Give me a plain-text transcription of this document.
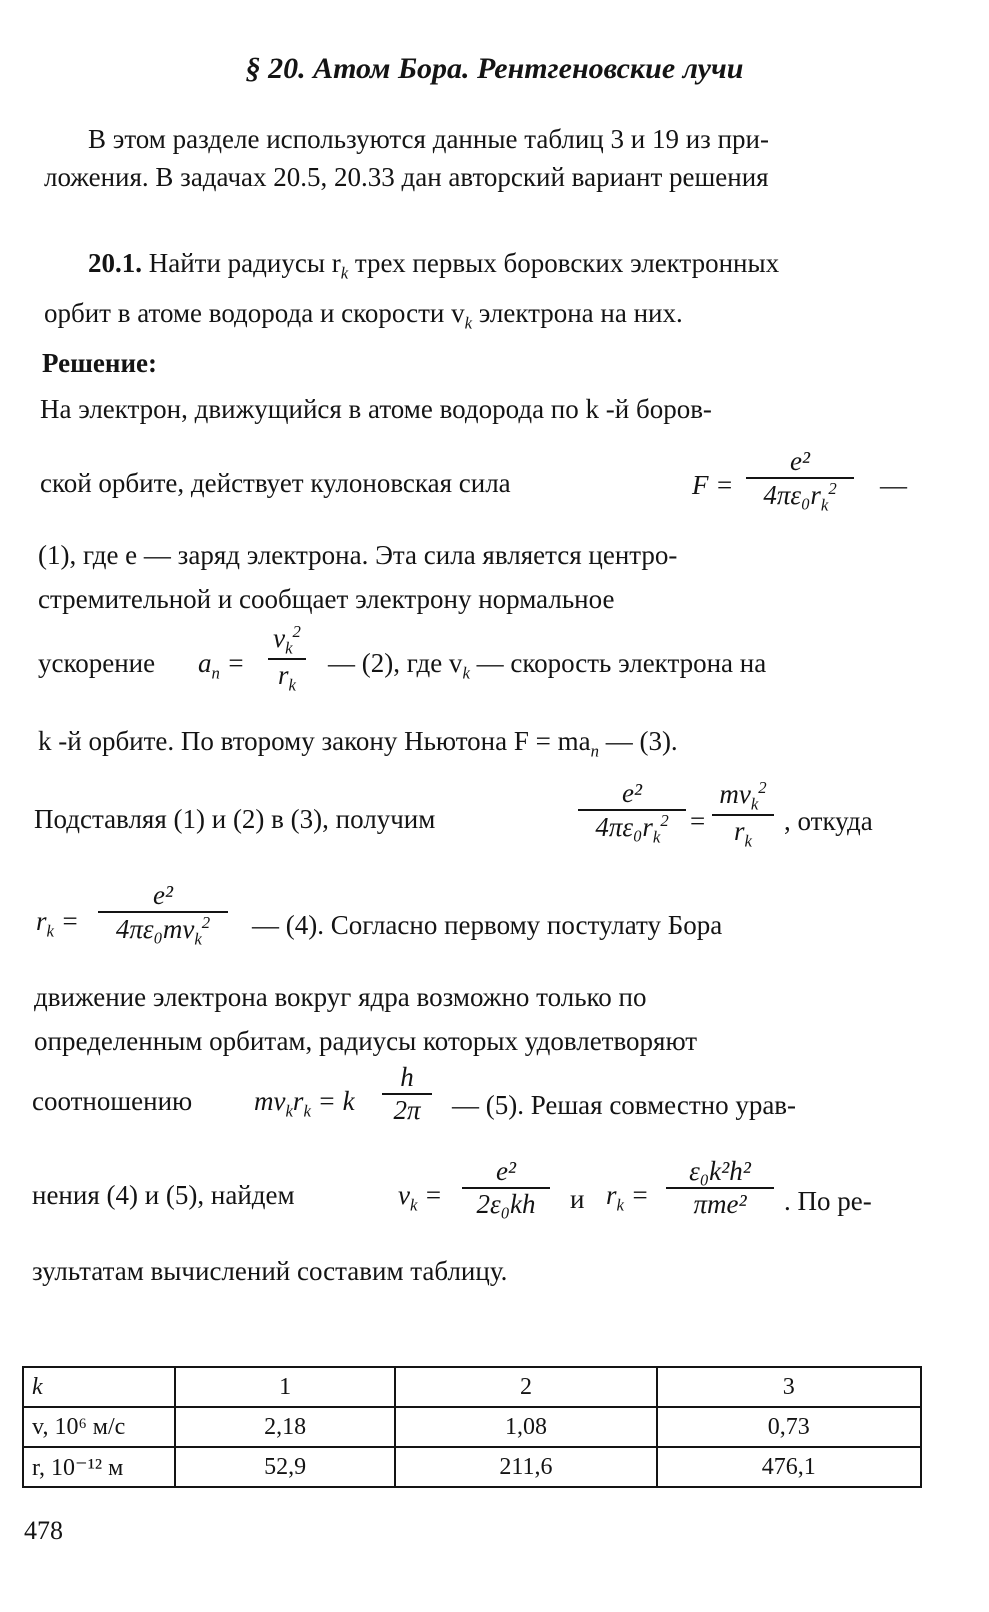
§ 20. Атом Бора. Рентгеновские лучи
В этом разделе используются данные таблиц 3 и 19 из при-
ложения. В задачах 20.5, 20.33 дан авторский вариант решения
20.1. Найти радиусы $r_k$ трех первых боровских электронных
орбит в атоме водорода и скорости $v_k$ электрона на них.
Решение:
На электрон, движущийся в атоме водорода по k -й боров-
ской орбите, действует кулоновская сила	F =
e²
$4\pi\varepsilon_0r_k^2$	—
(1), где e — заряд электрона. Эта сила является центро-
стремительной и сообщает электрону нормальное
ускорение $a_n$ =
$v_k^2$
$r_k$
— (2), где $v_k$ — скорость электрона на
k -й орбите. По второму закону Ньютона $F = ma_n$ — (3).
Подставляя (1) и (2) в (3), получим
e²
$4\pi\varepsilon_0r_k^2$ =
$mv_k^2$
$r_k$
, откуда
$r_k$ =
e²
$4\pi\varepsilon_0mv_k^2$	— (4). Согласно первому постулату Бора
движение электрона вокруг ядра возможно только по
определенным орбитам, радиусы которых удовлетворяют
соотношению $mv_kr_k = k$
h
2π	— (5). Решая совместно урав-
нения (4) и (5), найдем	$v_k$ =
e²
2ε₀kh	и $r_k$ =
ε₀k²h²
πme²	. По ре-
зультатам вычислений составим таблицу.
k	1	2	3
v, 10⁶ м/с	2,18	1,08	0,73
r, 10⁻¹² м	52,9	211,6	476,1
478
